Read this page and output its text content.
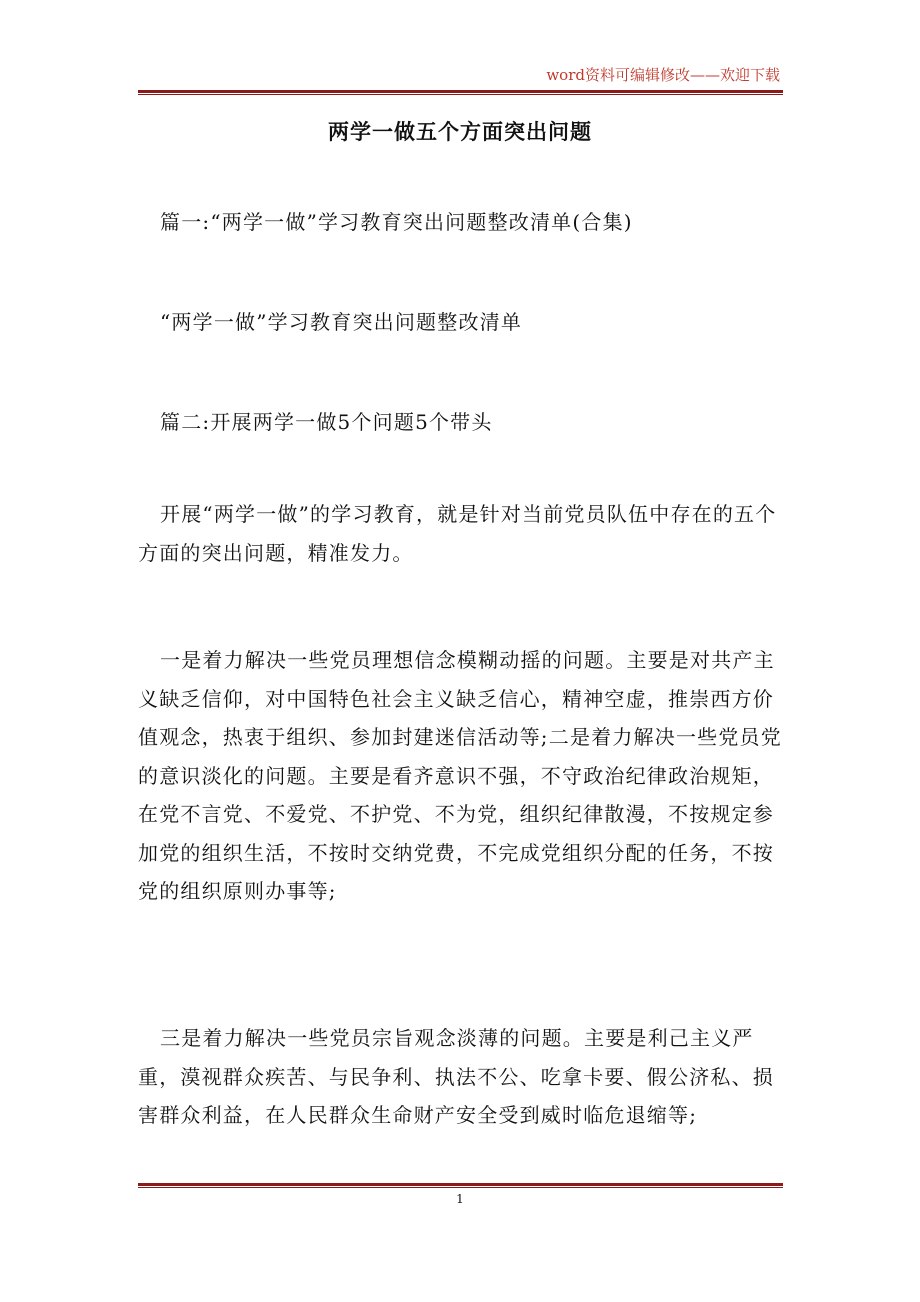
word资料可编辑修改——欢迎下载
两学一做五个方面突出问题

篇一:“两学一做”学习教育突出问题整改清单(合集)

“两学一做”学习教育突出问题整改清单

篇二:开展两学一做5个问题5个带头

开展“两学一做”的学习教育，就是针对当前党员队伍中存在的五个方面的突出问题，精准发力。

一是着力解决一些党员理想信念模糊动摇的问题。主要是对共产主义缺乏信仰，对中国特色社会主义缺乏信心，精神空虚，推崇西方价值观念，热衷于组织、参加封建迷信活动等;二是着力解决一些党员党的意识淡化的问题。主要是看齐意识不强，不守政治纪律政治规矩，在党不言党、不爱党、不护党、不为党，组织纪律散漫，不按规定参加党的组织生活，不按时交纳党费，不完成党组织分配的任务，不按党的组织原则办事等;

三是着力解决一些党员宗旨观念淡薄的问题。主要是利己主义严重，漠视群众疾苦、与民争利、执法不公、吃拿卡要、假公济私、损害群众利益，在人民群众生命财产安全受到威时临危退缩等;

1
